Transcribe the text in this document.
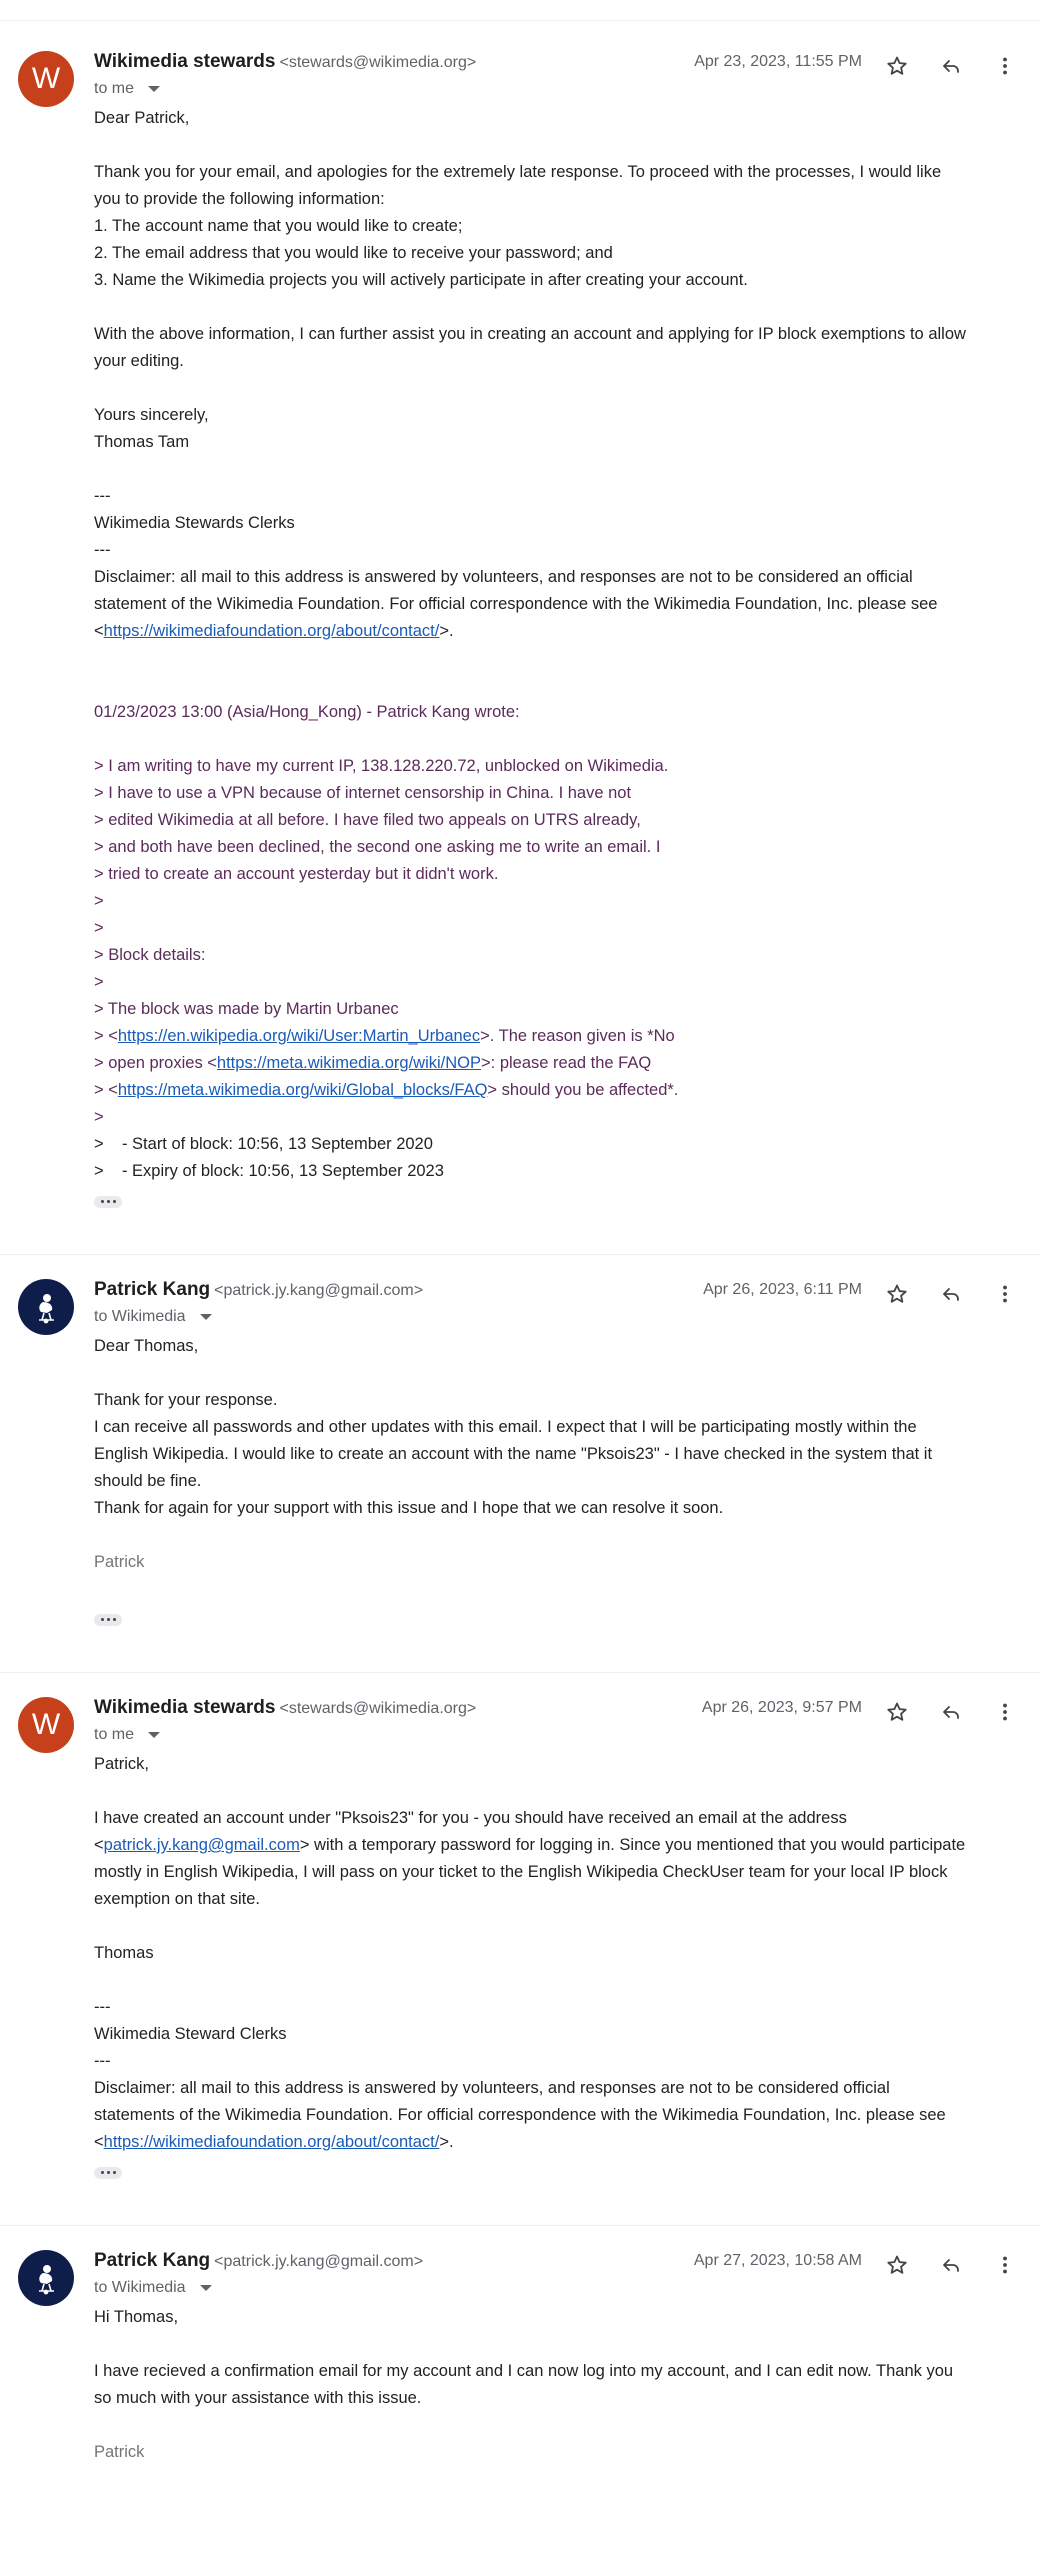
W
Wikimedia stewards <stewards@wikimedia.org>
to me
Apr 23, 2023, 11:55 PM

Dear Patrick,

Thank you for your email, and apologies for the extremely late response. To proceed with the processes, I would like

you to provide the following information:

1. The account name that you would like to create;

2. The email address that you would like to receive your password; and

3. Name the Wikimedia projects you will actively participate in after creating your account.

With the above information, I can further assist you in creating an account and applying for IP block exemptions to allow

your editing.

Yours sincerely,

Thomas Tam

---

Wikimedia Stewards Clerks

---

Disclaimer: all mail to this address is answered by volunteers, and responses are not to be considered an official

statement of the Wikimedia Foundation. For official correspondence with the Wikimedia Foundation, Inc. please see

<https://wikimediafoundation.org/about/contact/>.

01/23/2023 13:00 (Asia/Hong_Kong) - Patrick Kang wrote:

> I am writing to have my current IP, 138.128.220.72, unblocked on Wikimedia.

> I have to use a VPN because of internet censorship in China. I have not

> edited Wikimedia at all before. I have filed two appeals on UTRS already,

> and both have been declined, the second one asking me to write an email. I

> tried to create an account yesterday but it didn't work.

>

>

> Block details:

>

> The block was made by Martin Urbanec

> <https://en.wikipedia.org/wiki/User:Martin_Urbanec>. The reason given is *No

> open proxies <https://meta.wikimedia.org/wiki/NOP>: please read the FAQ

> <https://meta.wikimedia.org/wiki/Global_blocks/FAQ> should you be affected*.

>

>    - Start of block: 10:56, 13 September 2020

>    - Expiry of block: 10:56, 13 September 2023

Patrick Kang <patrick.jy.kang@gmail.com>
to Wikimedia
Apr 26, 2023, 6:11 PM

Dear Thomas,

Thank for your response.

I can receive all passwords and other updates with this email. I expect that I will be participating mostly within the

English Wikipedia. I would like to create an account with the name "Pksois23" - I have checked in the system that it

should be fine.

Thank for again for your support with this issue and I hope that we can resolve it soon.

Patrick

W
Wikimedia stewards <stewards@wikimedia.org>
to me
Apr 26, 2023, 9:57 PM

Patrick,

I have created an account under "Pksois23" for you - you should have received an email at the address

<patrick.jy.kang@gmail.com> with a temporary password for logging in. Since you mentioned that you would participate

mostly in English Wikipedia, I will pass on your ticket to the English Wikipedia CheckUser team for your local IP block

exemption on that site.

Thomas

---

Wikimedia Steward Clerks

---

Disclaimer: all mail to this address is answered by volunteers, and responses are not to be considered official

statements of the Wikimedia Foundation. For official correspondence with the Wikimedia Foundation, Inc. please see

<https://wikimediafoundation.org/about/contact/>.

Patrick Kang <patrick.jy.kang@gmail.com>
to Wikimedia
Apr 27, 2023, 10:58 AM

Hi Thomas,

I have recieved a confirmation email for my account and I can now log into my account, and I can edit now. Thank you

so much with your assistance with this issue.

Patrick
